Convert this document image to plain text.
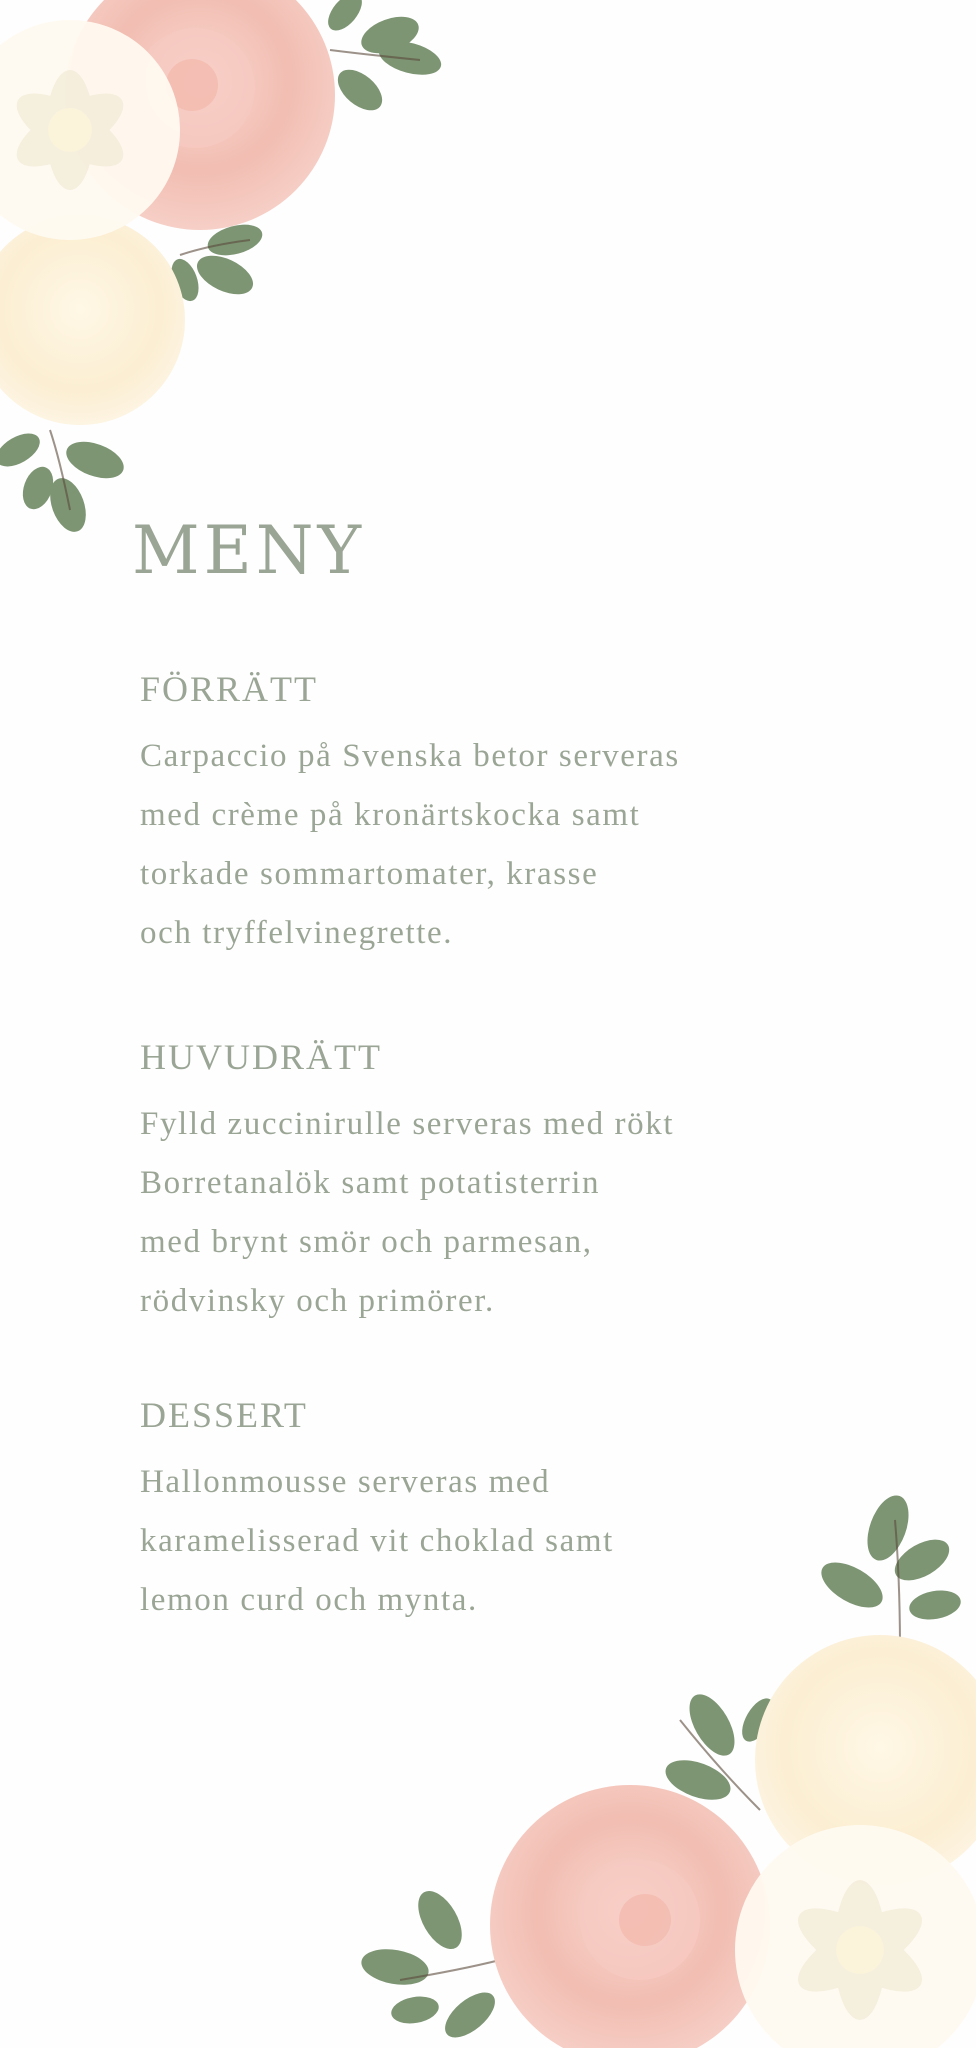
MENY
FÖRRÄTT

Carpaccio på Svenska betor serveras

med crème på kronärtskocka samt

torkade sommartomater, krasse

och tryffelvinegrette.

HUVUDRÄTT

Fylld zuccinirulle serveras med rökt

Borretanalök samt potatisterrin

med brynt smör och parmesan,

rödvinsky och primörer.

DESSERT

Hallonmousse serveras med

karamelisserad vit choklad samt

lemon curd och mynta.
